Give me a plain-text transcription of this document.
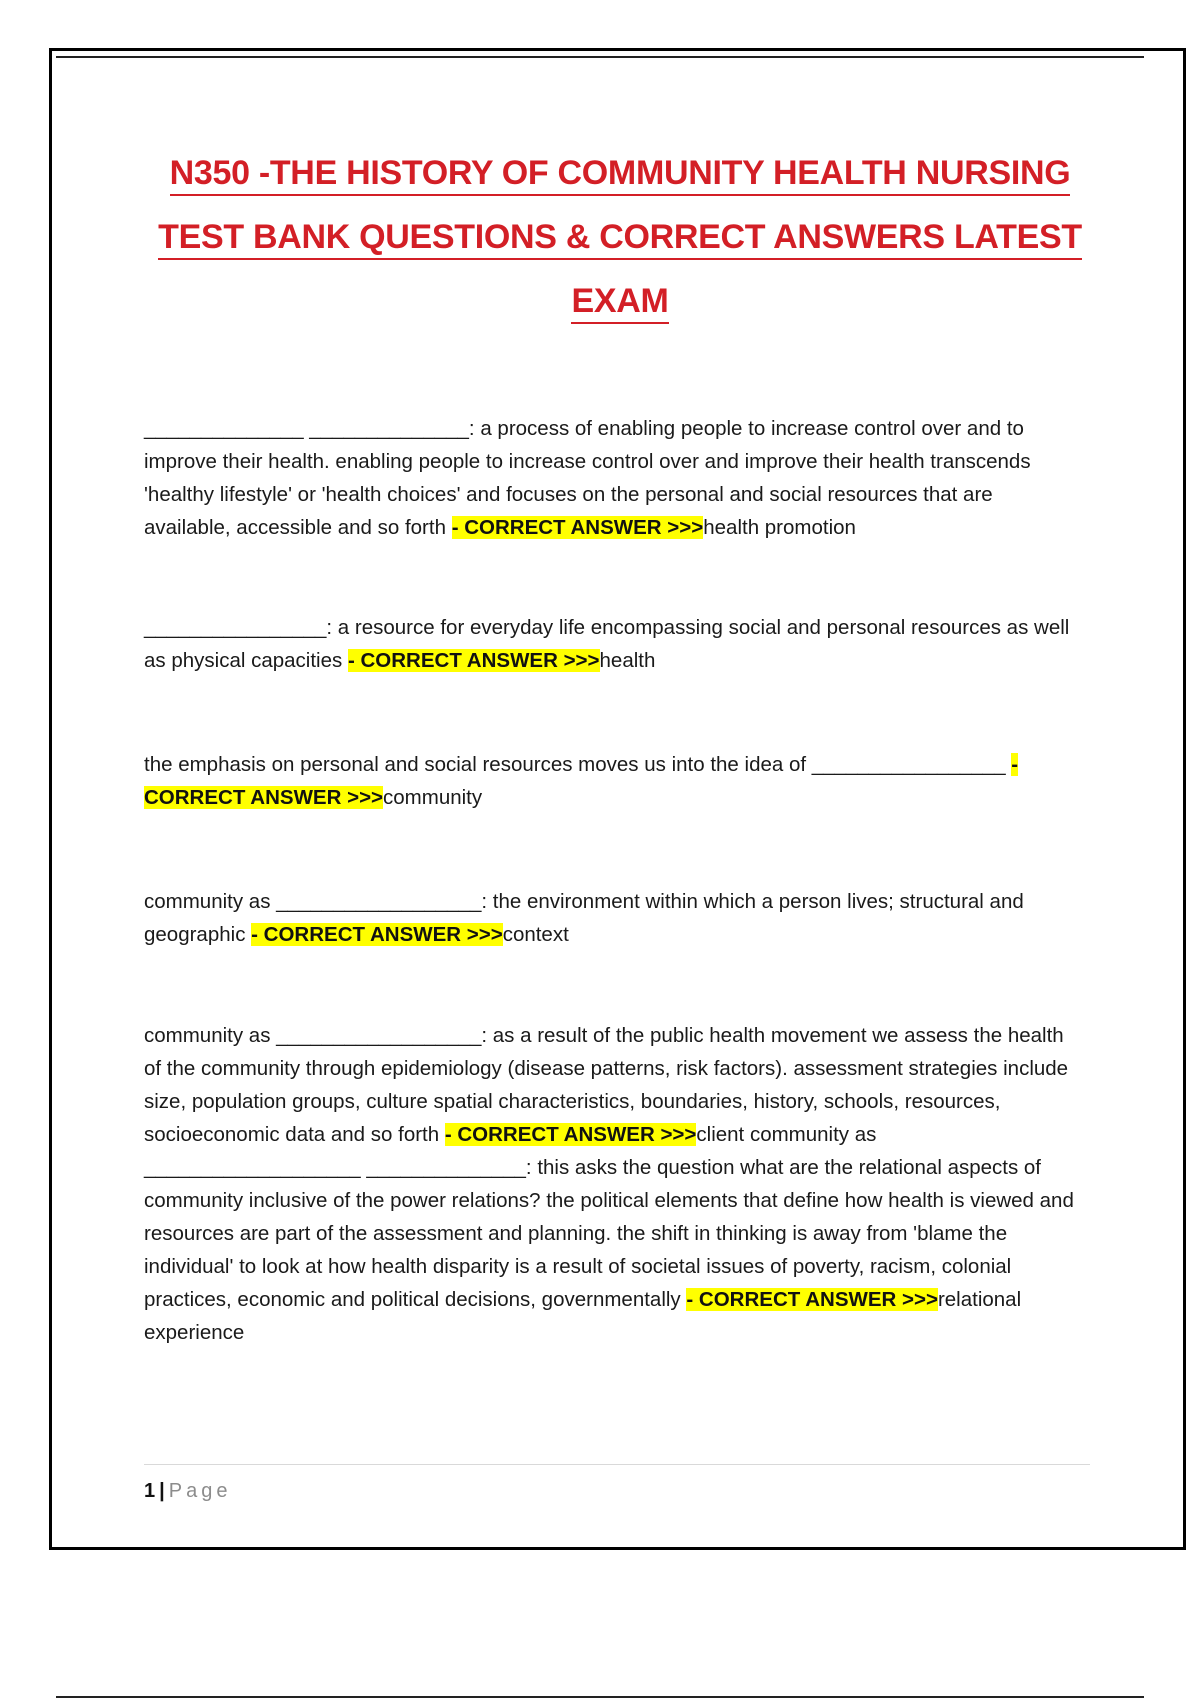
N350 -THE HISTORY OF COMMUNITY HEALTH NURSING
TEST BANK QUESTIONS & CORRECT ANSWERS LATEST
EXAM

______________ ______________: a process of enabling people to increase control over and to improve their health. enabling people to increase control over and improve their health transcends 'healthy lifestyle' or 'health choices' and focuses on the personal and social resources that are available, accessible and so forth - CORRECT ANSWER >>>health promotion

________________: a resource for everyday life encompassing social and personal resources as well as physical capacities - CORRECT ANSWER >>>health

the emphasis on personal and social resources moves us into the idea of _________________ - CORRECT ANSWER >>>community

community as __________________: the environment within which a person lives; structural and geographic - CORRECT ANSWER >>>context

community as __________________: as a result of the public health movement we assess the health of the community through epidemiology (disease patterns, risk factors). assessment strategies include size, population groups, culture spatial characteristics, boundaries, history, schools, resources, socioeconomic data and so forth - CORRECT ANSWER >>>client community as ___________________ ______________: this asks the question what are the relational aspects of community inclusive of the power relations? the political elements that define how health is viewed and resources are part of the assessment and planning. the shift in thinking is away from 'blame the individual' to look at how health disparity is a result of societal issues of poverty, racism, colonial practices, economic and political decisions, governmentally - CORRECT ANSWER >>>relational experience

1 | Page
